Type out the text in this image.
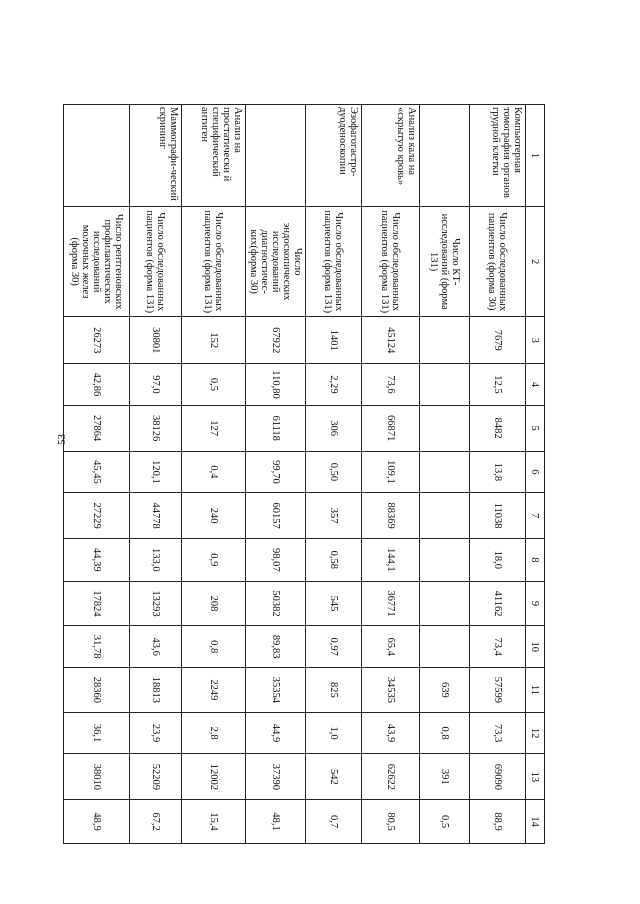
53
1	2	3	4	5	6	7	8	9	10	11	12	13	14
Компьютерная томография органов грудной клетки	Число обследованных пациентов (форма 30)	7679	12,5	8482	13,8	11038	18,0	41162	73,4	57599	73,3	69090	88,9
	Число КТ-исследований (форма 131)									639	0,8	391	0,5
Анализ кала на «скрытую кровь»	Число обследованных пациентов (форма 131)	45124	73,6	66871	109,1	88369	144,1	36771	65,4	34535	43,9	62622	80,5
Эзофагогастро-дуоденоскопии	Число обследованных пациентов (форма 131)	1401	2,29	306	0,50	357	0,58	545	0,97	825	1,0	542	0,7
	Число эндоскопических исследований диагностичес-ких(форма 30)	67922	110,80	61118	99,70	60157	98,07	50382	89,83	35354	44,9	37390	48,1
Анализ на простатически й специфический антиген	Число обследованных пациентов (форма 131)	152	0,5	127	0,4	240	0,9	208	0,8	2249	2,8	12002	15,4
Маммографи-ческий скрининг	Число обследованных пациентов (форма 131)	30801	97,0	38126	120,1	44778	133,0	13293	43,6	18813	23,9	52209	67,2
	Число рентгеновских профилактических исследований молочных желез (форма 30)	26273	42,86	27864	45,45	27229	44,39	17824	31,78	28360	36,1	38010	48,9
